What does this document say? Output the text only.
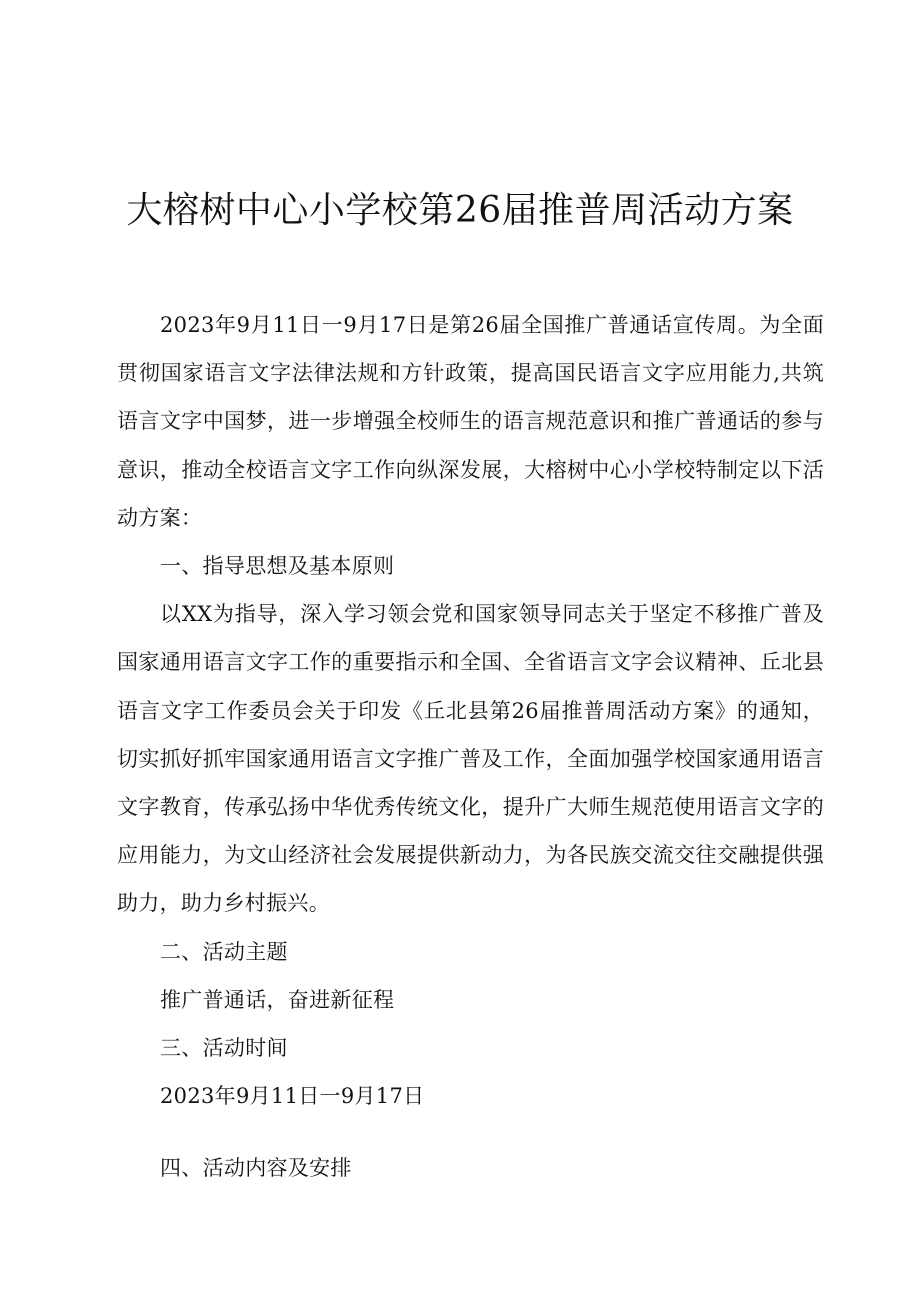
大榕树中心小学校第26届推普周活动方案

2023年9月11日一9月17日是第26届全国推广普通话宣传周。为全面贯彻国家语言文字法律法规和方针政策，提高国民语言文字应用能力,共筑语言文字中国梦，进一步增强全校师生的语言规范意识和推广普通话的参与意识，推动全校语言文字工作向纵深发展，大榕树中心小学校特制定以下活动方案：

一、指导思想及基本原则

以XX为指导，深入学习领会党和国家领导同志关于坚定不移推广普及国家通用语言文字工作的重要指示和全国、全省语言文字会议精神、丘北县语言文字工作委员会关于印发《丘北县第26届推普周活动方案》的通知，切实抓好抓牢国家通用语言文字推广普及工作，全面加强学校国家通用语言文字教育，传承弘扬中华优秀传统文化，提升广大师生规范使用语言文字的应用能力，为文山经济社会发展提供新动力，为各民族交流交往交融提供强助力，助力乡村振兴。

二、活动主题

推广普通话，奋进新征程

三、活动时间

2023年9月11日一9月17日

四、活动内容及安排
